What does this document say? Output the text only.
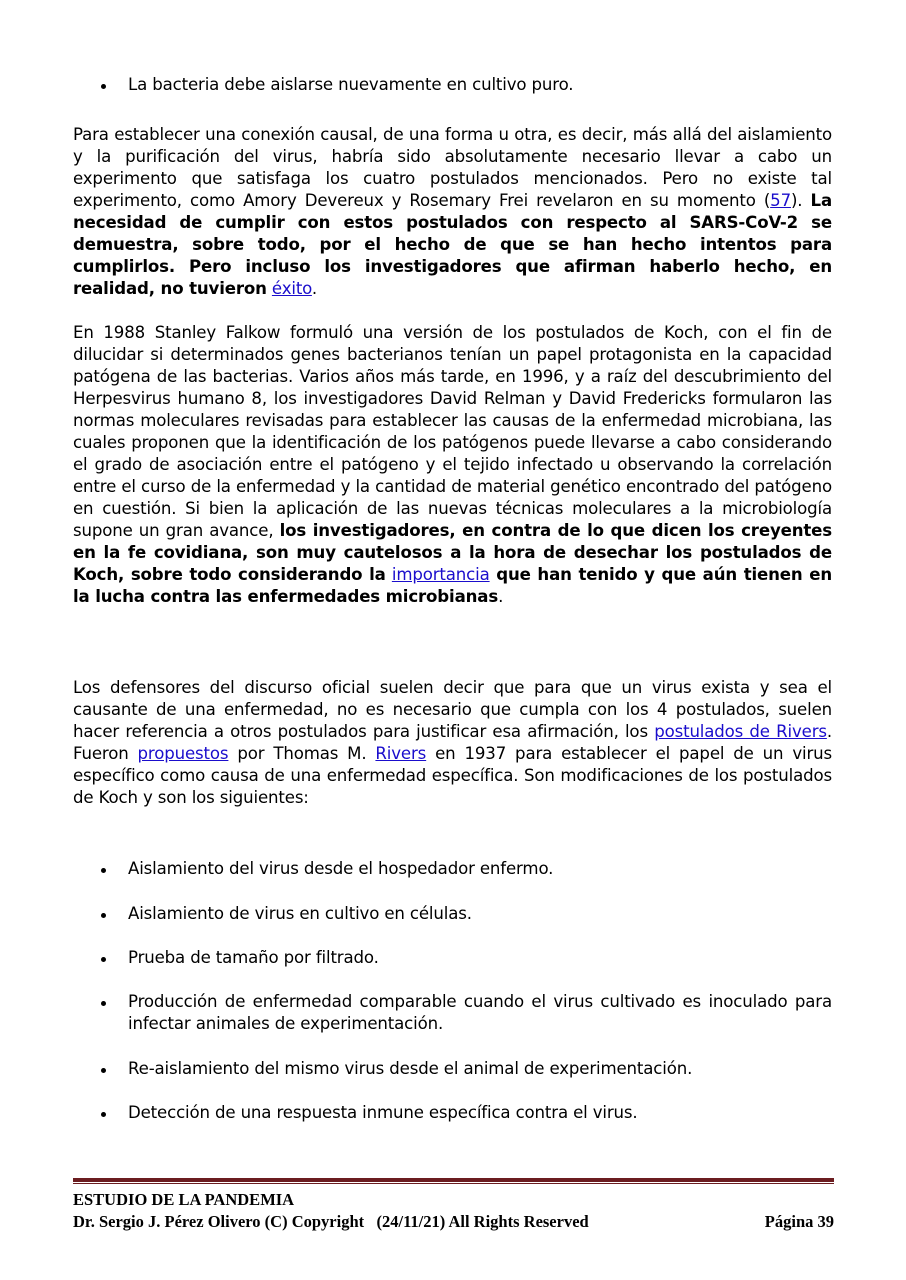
La bacteria debe aislarse nuevamente en cultivo puro.

Para establecer una conexión causal, de una forma u otra, es decir, más allá del aislamiento y la purificación del virus, habría sido absolutamente necesario llevar a cabo un experimento que satisfaga los cuatro postulados mencionados. Pero no existe tal experimento, como Amory Devereux y Rosemary Frei revelaron en su momento (57). La necesidad de cumplir con estos postulados con respecto al SARS-CoV-2 se demuestra, sobre todo, por el hecho de que se han hecho intentos para cumplirlos. Pero incluso los investigadores que afirman haberlo hecho, en realidad, no tuvieron éxito.

En 1988 Stanley Falkow formuló una versión de los postulados de Koch, con el fin de dilucidar si determinados genes bacterianos tenían un papel protagonista en la capacidad patógena de las bacterias. Varios años más tarde, en 1996, y a raíz del descubrimiento del Herpesvirus humano 8, los investigadores David Relman y David Fredericks formularon las normas moleculares revisadas para establecer las causas de la enfermedad microbiana, las cuales proponen que la identificación de los patógenos puede llevarse a cabo considerando el grado de asociación entre el patógeno y el tejido infectado u observando la correlación entre el curso de la enfermedad y la cantidad de material genético encontrado del patógeno en cuestión. Si bien la aplicación de las nuevas técnicas moleculares a la microbiología supone un gran avance, los investigadores, en contra de lo que dicen los creyentes en la fe covidiana, son muy cautelosos a la hora de desechar los postulados de Koch, sobre todo considerando la importancia que han tenido y que aún tienen en la lucha contra las enfermedades microbianas.

Los defensores del discurso oficial suelen decir que para que un virus exista y sea el causante de una enfermedad, no es necesario que cumpla con los 4 postulados, suelen hacer referencia a otros postulados para justificar esa afirmación, los postulados de Rivers. Fueron propuestos por Thomas M. Rivers en 1937 para establecer el papel de un virus específico como causa de una enfermedad específica. Son modificaciones de los postulados de Koch y son los siguientes:

Aislamiento del virus desde el hospedador enfermo.
Aislamiento de virus en cultivo en células.
Prueba de tamaño por filtrado.
Producción de enfermedad comparable cuando el virus cultivado es inoculado para infectar animales de experimentación.
Re-aislamiento del mismo virus desde el animal de experimentación.
Detección de una respuesta inmune específica contra el virus.
ESTUDIO DE LA PANDEMIA
Dr. Sergio J. Pérez Olivero (C) Copyright   (24/11/21) All Rights Reserved	Página 39
